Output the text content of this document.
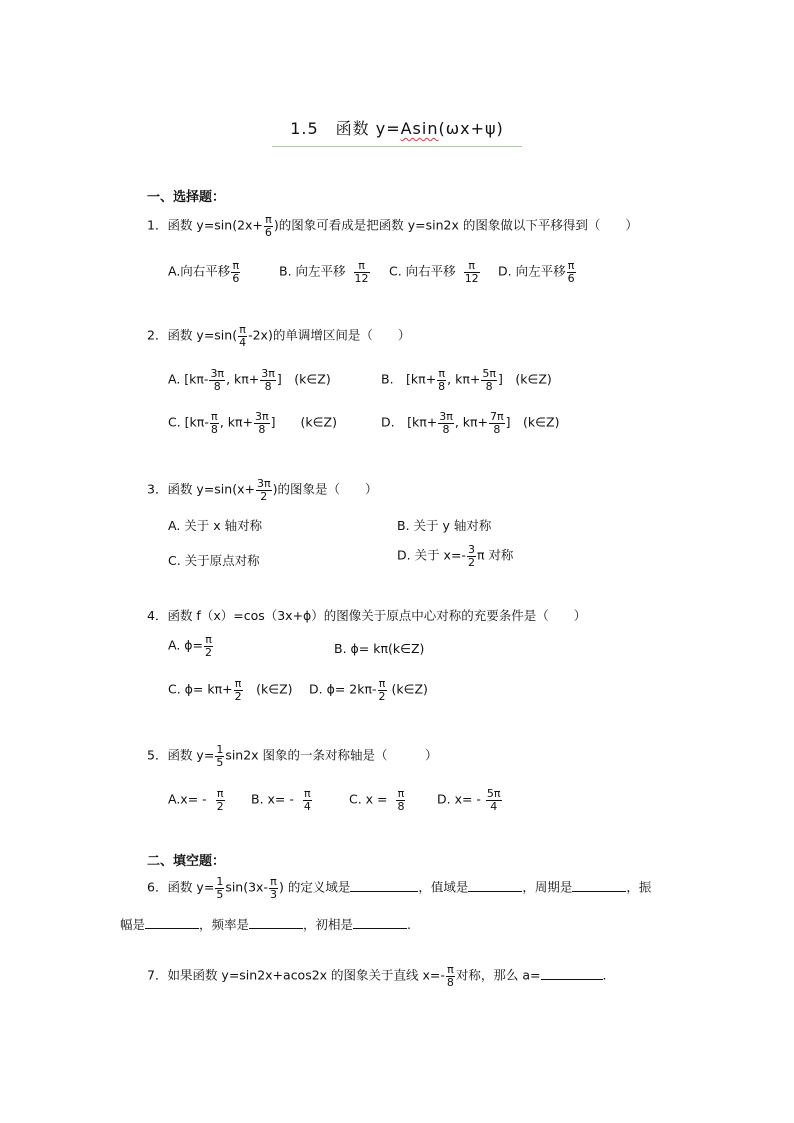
1.5　函数 y=Asin(ωx+ψ)
一、选择题：
1．函数 $y=\sin(2x+ \frac{\pi}{6}$ )的图象可看成是把函数 y=sin2x 的图象做以下平移得到（　　）
A.向右平移 $\frac{\pi}{6}$	B. 向左平移 $\frac{\pi}{12} C$. 向右平移 $\frac{\pi}{12} D$. 向左平移 $\frac{\pi}{6}$
2．函数 $y=\sin( \frac{\pi}{4} -2x)$的单调增区间是（　　）
A. [$k\pi- \frac{3\pi}{8}$ , $k\pi+ \frac{3\pi}{8}$ ]　(k∈Z)	B.　[$k\pi+ \frac{\pi}{8}$ , $k\pi+ \frac{5\pi}{8}$ ]　(k∈Z)
C. [$k\pi- \frac{\pi}{8}$ , $k\pi+ \frac{3\pi}{8}$ ]　　(k∈Z)	D.　[$k\pi+ \frac{3\pi}{8}$ , $k\pi+ \frac{7\pi}{8}$ ]　(k∈Z)
3．函数 $y=\sin(x+ \frac{3\pi}{2}$ )的图象是（　　）
A. 关于 x 轴对称	B. 关于 y 轴对称
C. 关于原点对称	D. 关于 $x=- \frac{3}{2}$ π 对称
4．函数 f（x）=cos（3x+ϕ）的图像关于原点中心对称的充要条件是（　　）
A. $\phi= \frac{\pi}{2}$	B. ϕ= kπ(k∈Z)
C. $\phi= k\pi+ \frac{\pi}{2}$ 　(k∈Z) D. $\phi= 2k\pi- \frac{\pi}{2}$ (k∈Z)
5．函数 $y= \frac{1}{5} \sin 2x$ 图象的一条对称轴是（　　　）
$A.x= - \frac{\pi}{2} B$. $x= - \frac{\pi}{4}$	C. $x = \frac{\pi}{8}$	D. $x= - \frac{5\pi}{4}$
二、填空题：
6．函数 $y= \frac{1}{5} \sin(3x- \frac{\pi}{3}$ ) 的定义域是	，值域是	，周期是	，振
幅是	，频率是	，初相是	.
7．如果函数 y=sin2x+acos2x 的图象关于直线 $x=- \frac{\pi}{8}$ 对称，那么 a=	.
